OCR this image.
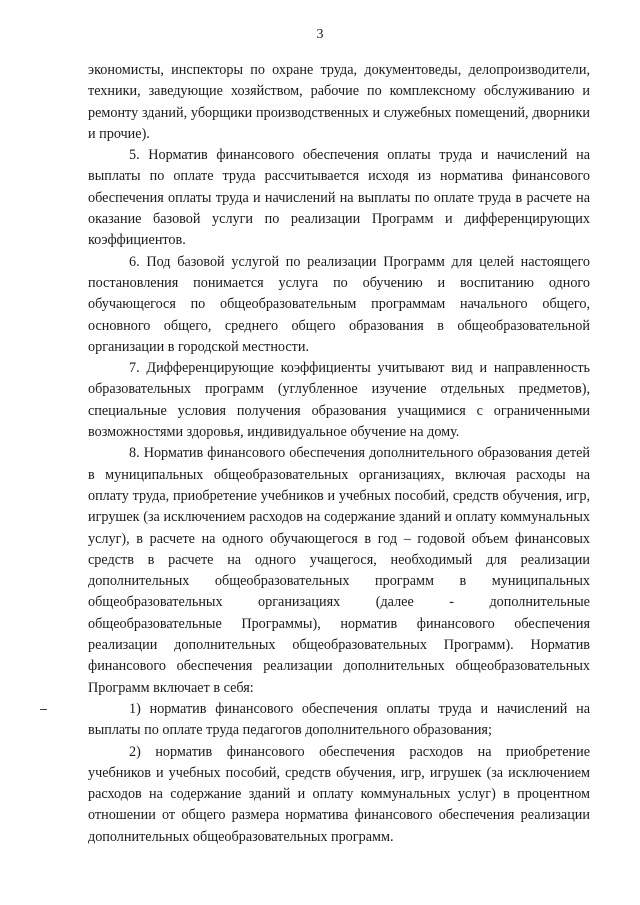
3

экономисты, инспекторы по охране труда, документоведы, делопроизводители, техники, заведующие хозяйством, рабочие по комплексному обслуживанию и ремонту зданий, уборщики производственных и служебных помещений, дворники и прочие).

5. Норматив финансового обеспечения оплаты труда и начислений на выплаты по оплате труда рассчитывается исходя из норматива финансового обеспечения оплаты труда и начислений на выплаты по оплате труда в расчете на оказание базовой услуги по реализации Программ и дифференцирующих коэффициентов.

6. Под базовой услугой по реализации Программ для целей настоящего постановления понимается услуга по обучению и воспитанию одного обучающегося по общеобразовательным программам начального общего, основного общего, среднего общего образования в общеобразовательной организации в городской местности.

7. Дифференцирующие коэффициенты учитывают вид и направленность образовательных программ (углубленное изучение отдельных предметов), специальные условия получения образования учащимися с ограниченными возможностями здоровья, индивидуальное обучение на дому.

8. Норматив финансового обеспечения дополнительного образования детей в муниципальных общеобразовательных организациях, включая расходы на оплату труда, приобретение учебников и учебных пособий, средств обучения, игр, игрушек (за исключением расходов на содержание зданий и оплату коммунальных услуг), в расчете на одного обучающегося в год – годовой объем финансовых средств в расчете на одного учащегося, необходимый для реализации дополнительных общеобразовательных программ в муниципальных общеобразовательных организациях (далее - дополнительные общеобразовательные Программы), норматив финансового обеспечения реализации дополнительных общеобразовательных Программ). Норматив финансового обеспечения реализации дополнительных общеобразовательных Программ включает в себя:

1) норматив финансового обеспечения оплаты труда и начислений на выплаты по оплате труда педагогов дополнительного образования;

2) норматив финансового обеспечения расходов на приобретение учебников и учебных пособий, средств обучения, игр, игрушек (за исключением расходов на содержание зданий и оплату коммунальных услуг) в процентном отношении от общего размера норматива финансового обеспечения реализации дополнительных общеобразовательных программ.
